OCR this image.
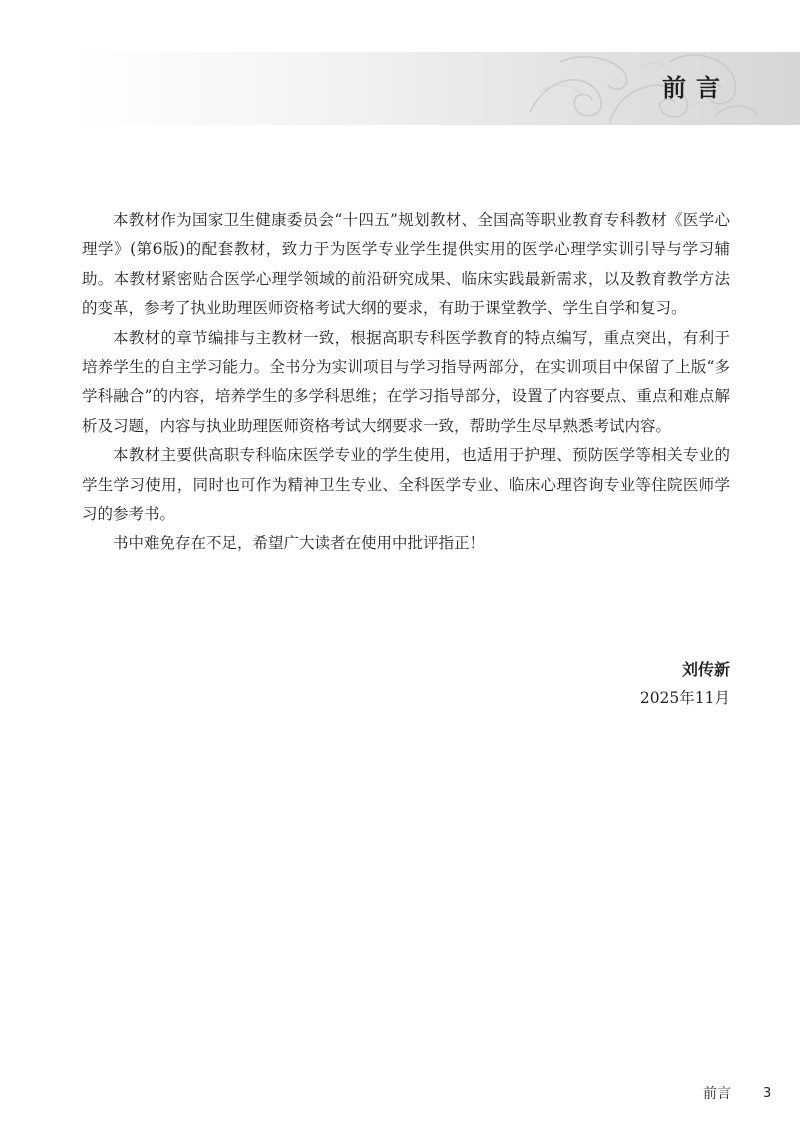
前言

本教材作为国家卫生健康委员会“十四五”规划教材、全国高等职业教育专科教材《医学心理学》(第6版)的配套教材，致力于为医学专业学生提供实用的医学心理学实训引导与学习辅助。本教材紧密贴合医学心理学领域的前沿研究成果、临床实践最新需求，以及教育教学方法的变革，参考了执业助理医师资格考试大纲的要求，有助于课堂教学、学生自学和复习。

本教材的章节编排与主教材一致，根据高职专科医学教育的特点编写，重点突出，有利于培养学生的自主学习能力。全书分为实训项目与学习指导两部分，在实训项目中保留了上版“多学科融合”的内容，培养学生的多学科思维；在学习指导部分，设置了内容要点、重点和难点解析及习题，内容与执业助理医师资格考试大纲要求一致，帮助学生尽早熟悉考试内容。

本教材主要供高职专科临床医学专业的学生使用，也适用于护理、预防医学等相关专业的学生学习使用，同时也可作为精神卫生专业、全科医学专业、临床心理咨询专业等住院医师学习的参考书。

书中难免存在不足，希望广大读者在使用中批评指正！

刘传新
2025年11月
前言 3
